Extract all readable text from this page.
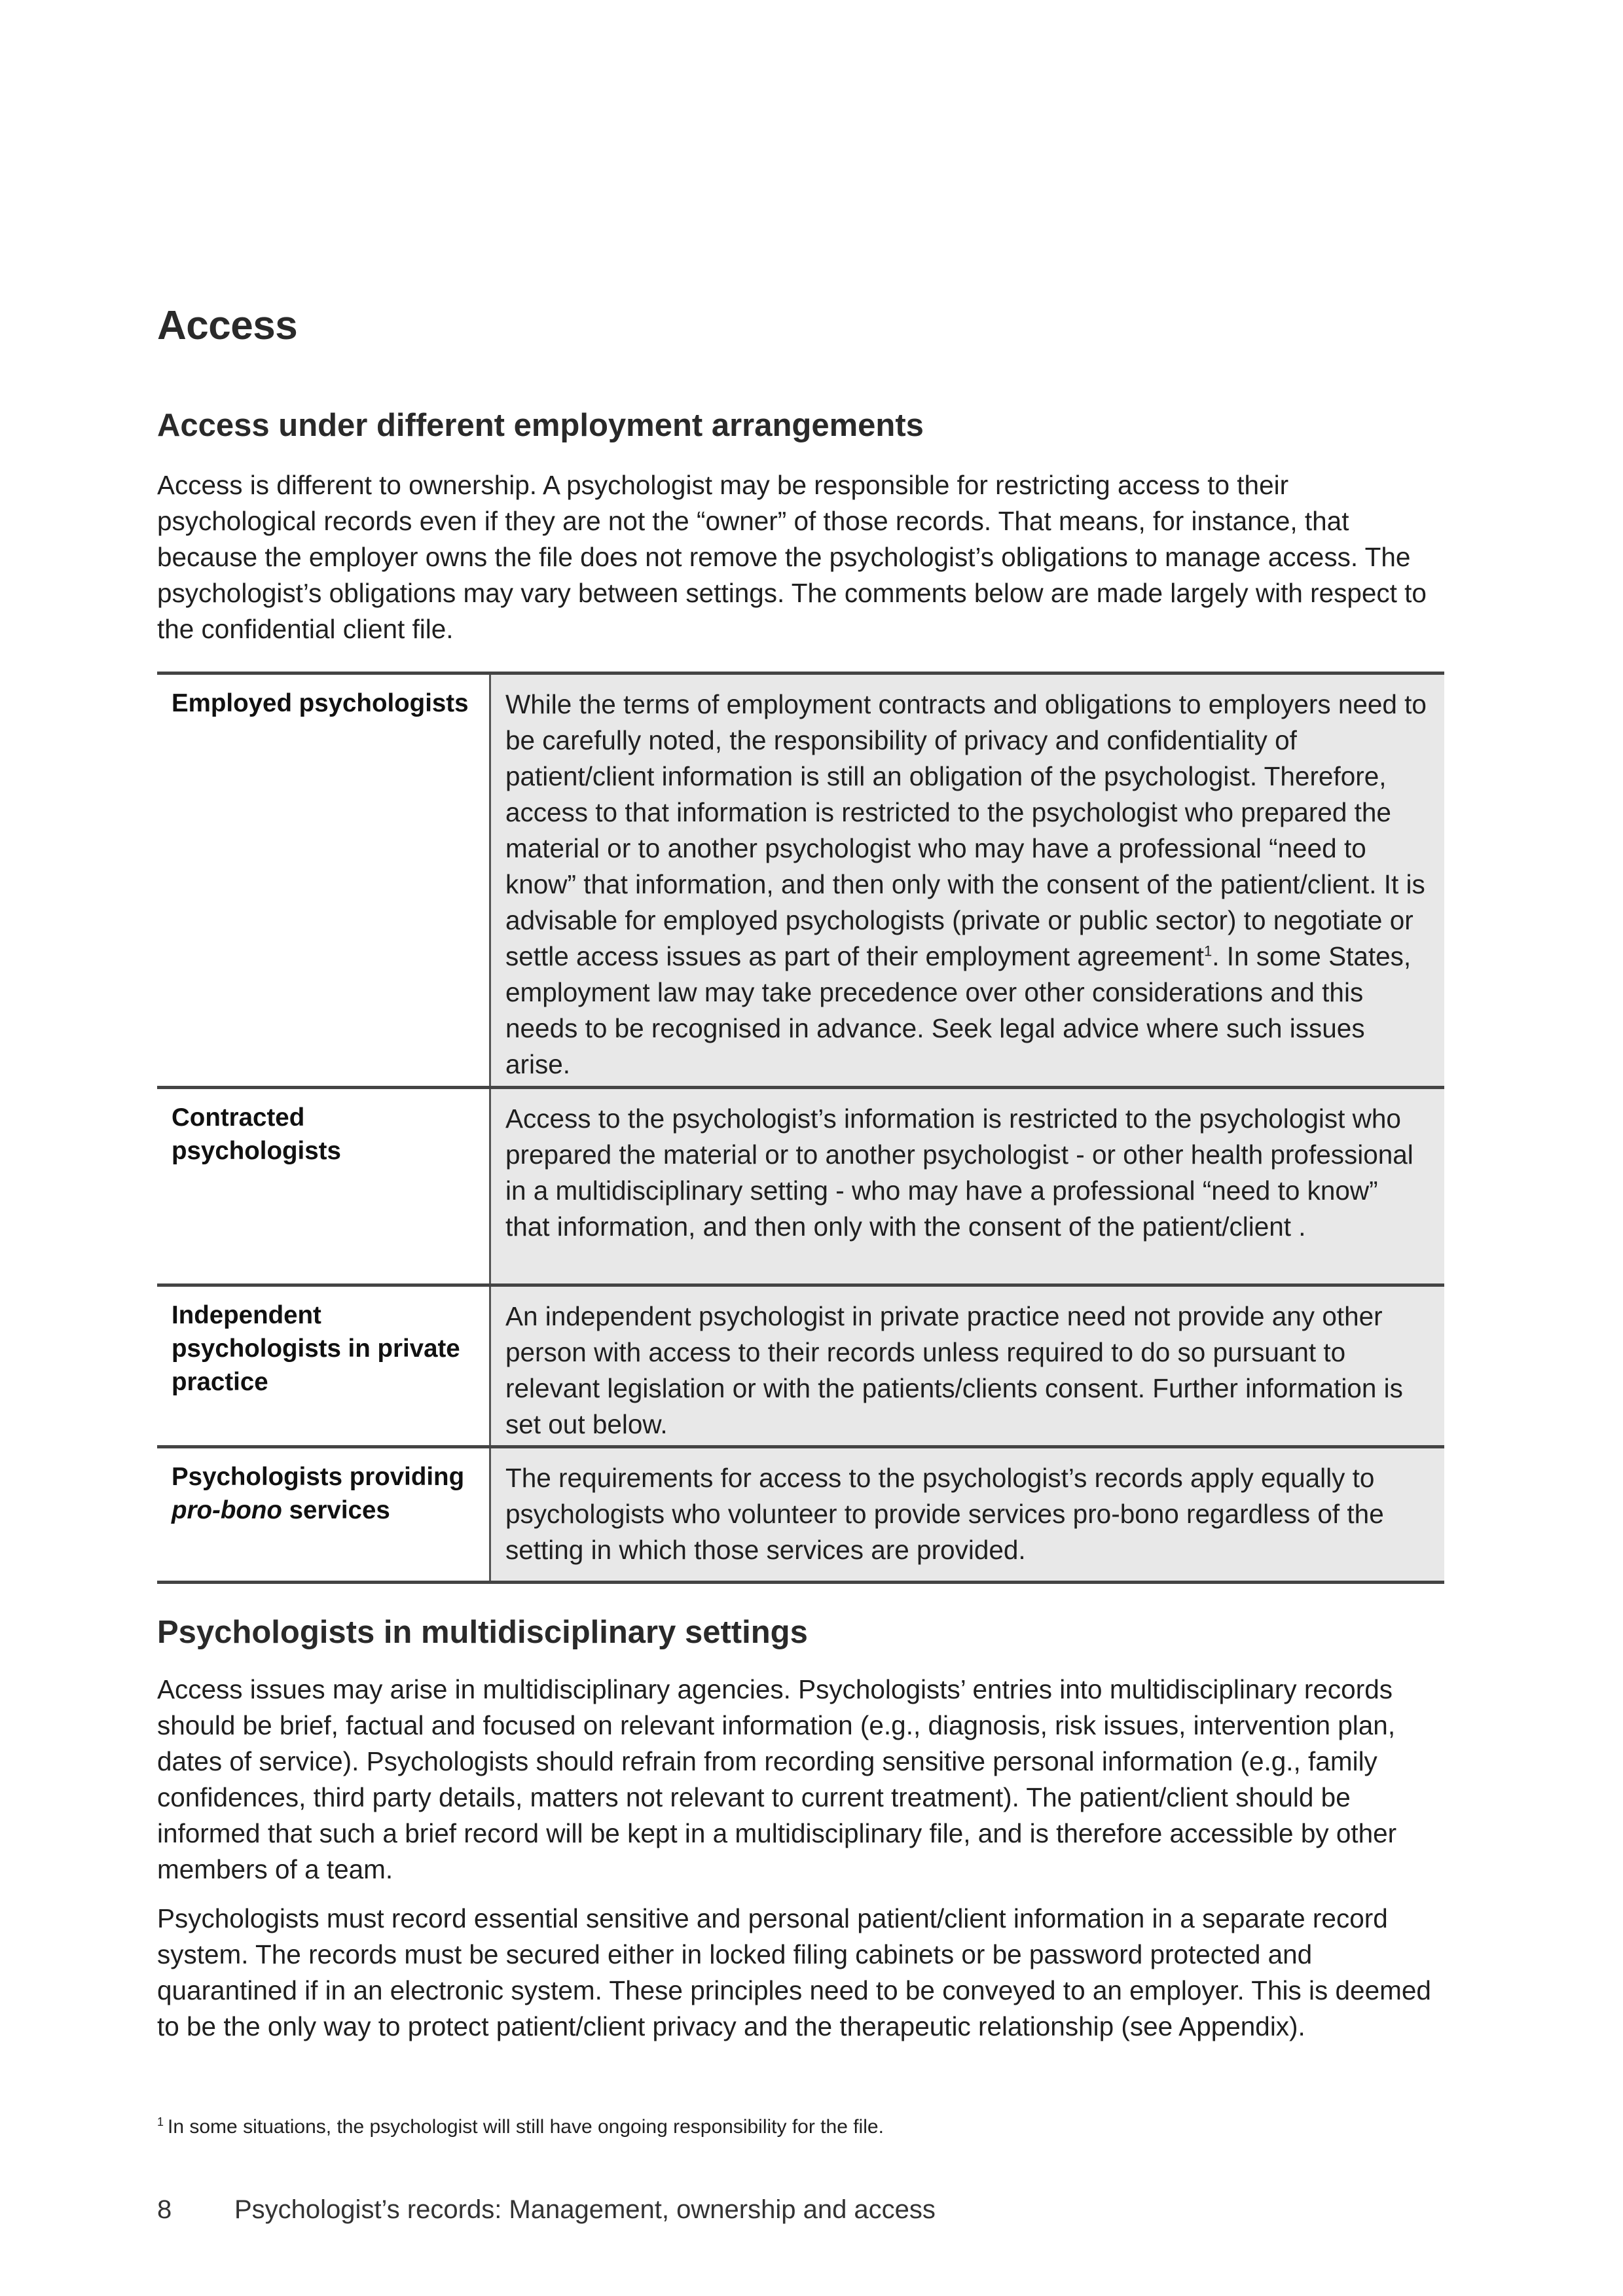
Access
Access under different employment arrangements

Access is different to ownership. A psychologist may be responsible for restricting access to their psychological records even if they are not the “owner” of those records. That means, for instance, that because the employer owns the file does not remove the psychologist’s obligations to manage access. The psychologist’s obligations may vary between settings. The comments below are made largely with respect to the confidential client file.

Employed psychologists	While the terms of employment contracts and obligations to employers need to be carefully noted, the responsibility of privacy and confidentiality of patient/client information is still an obligation of the psychologist. Therefore, access to that information is restricted to the psychologist who prepared the material or to another psychologist who may have a professional “need to know” that information, and then only with the consent of the patient/client. It is advisable for employed psychologists (private or public sector) to negotiate or settle access issues as part of their employment agreement$^1$. In some States, employment law may take precedence over other considerations and this needs to be recognised in advance. Seek legal advice where such issues arise.
Contracted psychologists
Access to the psychologist’s information is restricted to the psychologist who prepared the material or to another psychologist - or other health professional in a multidisciplinary setting - who may have a professional “need to know” that information, and then only with the consent of the patient/client .
Independent psychologists in private practice
An independent psychologist in private practice need not provide any other person with access to their records unless required to do so pursuant to relevant legislation or with the patients/clients consent. Further information is set out below.
Psychologists providing
pro-bono services
The requirements for access to the psychologist’s records apply equally to psychologists who volunteer to provide services pro-bono regardless of the setting in which those services are provided.
Psychologists in multidisciplinary settings

Access issues may arise in multidisciplinary agencies. Psychologists’ entries into multidisciplinary records should be brief, factual and focused on relevant information (e.g., diagnosis, risk issues, intervention plan, dates of service). Psychologists should refrain from recording sensitive personal information (e.g., family confidences, third party details, matters not relevant to current treatment). The patient/client should be informed that such a brief record will be kept in a multidisciplinary file, and is therefore accessible by other members of a team.

Psychologists must record essential sensitive and personal patient/client information in a separate record system. The records must be secured either in locked filing cabinets or be password protected and quarantined if in an electronic system. These principles need to be conveyed to an employer. This is deemed to be the only way to protect patient/client privacy and the therapeutic relationship (see Appendix).

$^1$ In some situations, the psychologist will still have ongoing responsibility for the file.

8	Psychologist’s records: Management, ownership and access
